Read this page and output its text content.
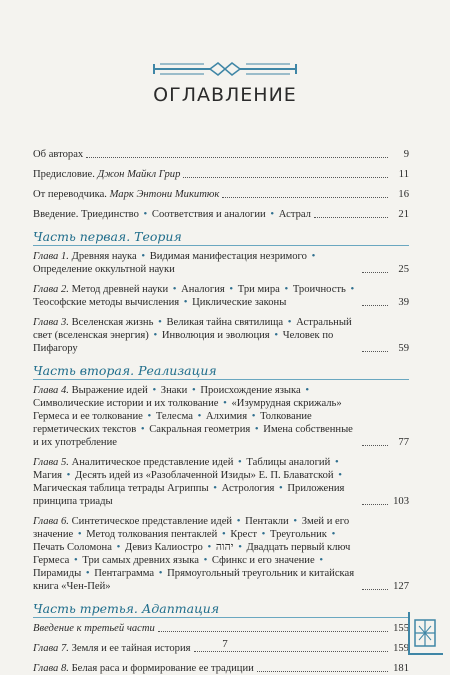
ОГЛАВЛЕНИЕ
Об авторах	9
Предисловие. Джон Майкл Грир	11
От переводчика. Марк Энтони Микитюк	16
Введение. Триединство • Соответствия и аналогии • Астрал	21
Часть первая. Теория
Глава 1. Древняя наука • Видимая манифестация незримого • Определение оккультной науки	25
Глава 2. Метод древней науки • Аналогия • Три мира • Троичность • Теософские методы вычисления • Циклические законы	39
Глава 3. Вселенская жизнь • Великая тайна святилища • Астральный свет (вселенская энергия) • Инволюция и эволюция • Человек по Пифагору	59
Часть вторая. Реализация
Глава 4. Выражение идей • Знаки • Происхождение языка • Символические истории и их толкование • «Изумрудная скрижаль» Гермеса и ее толкование • Телесма • Алхимия • Толкование герметических текстов • Сакральная геометрия • Имена собственные и их употребление	77
Глава 5. Аналитическое представление идей • Таблицы аналогий • Магия • Десять идей из «Разоблаченной Изиды» Е. П. Блаватской • Магическая таблица тетрады Агриппы • Астрология • Приложения принципа триады	103
Глава 6. Синтетическое представление идей • Пентакли • Змей и его значение • Метод толкования пентаклей • Крест • Треугольник • Печать Соломона • Девиз Калиостро • יהוה • Двадцать первый ключ Гермеса • Три самых древних языка • Сфинкс и его значение • Пирамиды • Пентаграмма • Прямоугольный треугольник и китайская книга «Чен-Пей»	127
Часть третья. Адаптация
Введение к третьей части	155
Глава 7. Земля и ее тайная история	159
Глава 8. Белая раса и формирование ее традиции	181
7
